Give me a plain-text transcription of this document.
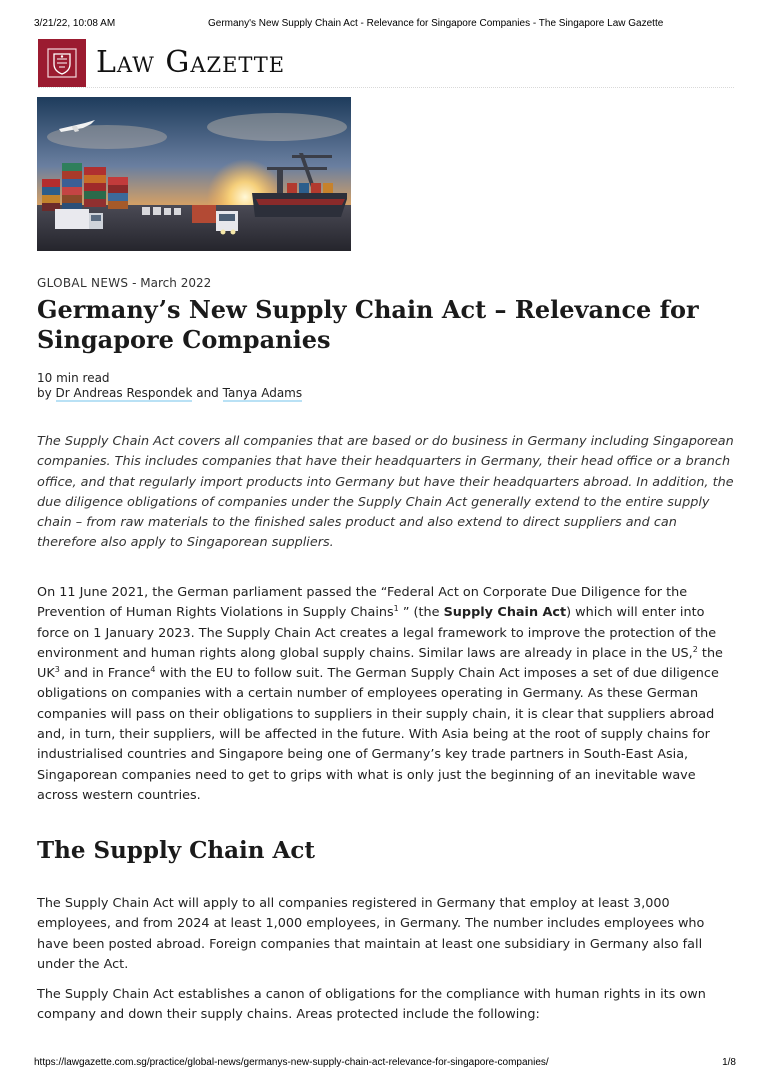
3/21/22, 10:08 AM	Germany's New Supply Chain Act - Relevance for Singapore Companies - The Singapore Law Gazette
Law Gazette
GLOBAL NEWS - March 2022
Germany’s New Supply Chain Act – Relevance for Singapore Companies
10 min read
by Dr Andreas Respondek and Tanya Adams

The Supply Chain Act covers all companies that are based or do business in Germany including Singaporean companies. This includes companies that have their headquarters in Germany, their head office or a branch office, and that regularly import products into Germany but have their headquarters abroad. In addition, the due diligence obligations of companies under the Supply Chain Act generally extend to the entire supply chain – from raw materials to the finished sales product and also extend to direct suppliers and can therefore also apply to Singaporean suppliers.

On 11 June 2021, the German parliament passed the “Federal Act on Corporate Due Diligence for the Prevention of Human Rights Violations in Supply Chains$^1$ ” (the Supply Chain Act) which will enter into force on 1 January 2023. The Supply Chain Act creates a legal framework to improve the protection of the environment and human rights along global supply chains. Similar laws are already in place in the US,$^2$ the $UK^3$ and in France$^4$ with the EU to follow suit. The German Supply Chain Act imposes a set of due diligence obligations on companies with a certain number of employees operating in Germany. As these German companies will pass on their obligations to suppliers in their supply chain, it is clear that suppliers abroad and, in turn, their suppliers, will be affected in the future. With Asia being at the root of supply chains for industrialised countries and Singapore being one of Germany’s key trade partners in South-East Asia, Singaporean companies need to get to grips with what is only just the beginning of an inevitable wave across western countries.

The Supply Chain Act

The Supply Chain Act will apply to all companies registered in Germany that employ at least 3,000 employees, and from 2024 at least 1,000 employees, in Germany. The number includes employees who have been posted abroad. Foreign companies that maintain at least one subsidiary in Germany also fall under the Act.

The Supply Chain Act establishes a canon of obligations for the compliance with human rights in its own company and down their supply chains. Areas protected include the following:

https://lawgazette.com.sg/practice/global-news/germanys-new-supply-chain-act-relevance-for-singapore-companies/	1/8
